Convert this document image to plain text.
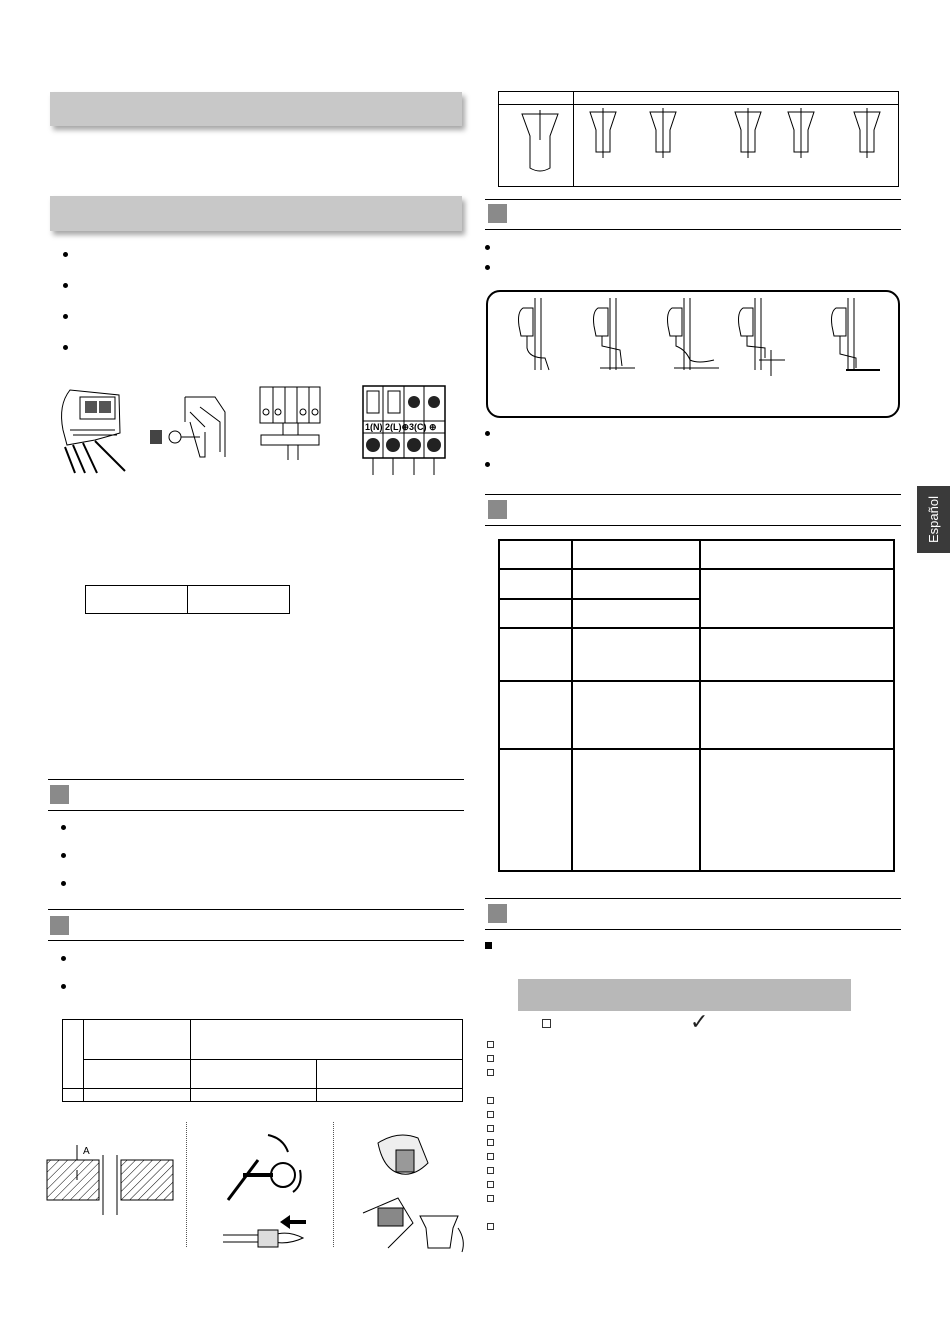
1(N) 2(L)⊕3(C) ⊕

A
Español
✓
